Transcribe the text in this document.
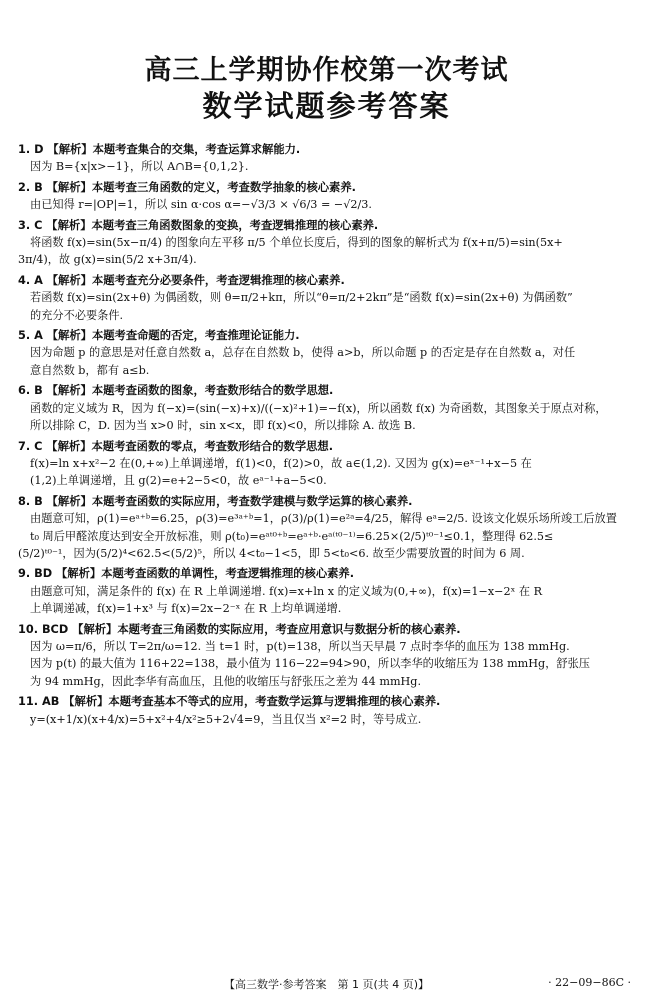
高三上学期协作校第一次考试
数学试题参考答案
1. D 【解析】本题考查集合的交集，考查运算求解能力.
因为 B={x|x>−1}，所以 A∩B={0,1,2}.
2. B 【解析】本题考查三角函数的定义，考查数学抽象的核心素养.
由已知得 r=|OP|=1，所以 sin α·cos α=−√3/3 × √6/3 = −√2/3.
3. C 【解析】本题考查三角函数图象的变换，考查逻辑推理的核心素养.
将函数 f(x)=sin(5x−π/4) 的图象向左平移 π/5 个单位长度后，得到的图象的解析式为 f(x+π/5)=sin(5x+
3π/4)，故 g(x)=sin(5/2 x+3π/4).
4. A 【解析】本题考查充分必要条件，考查逻辑推理的核心素养.
若函数 f(x)=sin(2x+θ) 为偶函数，则 θ=π/2+kπ，所以“θ=π/2+2kπ”是“函数 f(x)=sin(2x+θ) 为偶函数”
的充分不必要条件.
5. A 【解析】本题考查命题的否定，考查推理论证能力.
因为命题 p 的意思是对任意自然数 a，总存在自然数 b，使得 a>b，所以命题 p 的否定是存在自然数 a，对任
意自然数 b，都有 a≤b.
6. B 【解析】本题考查函数的图象，考查数形结合的数学思想.
函数的定义域为 R，因为 f(−x)=(sin(−x)+x)/((−x)²+1)=−f(x)，所以函数 f(x) 为奇函数，其图象关于原点对称，
所以排除 C，D. 因为当 x>0 时，sin x<x，即 f(x)<0，所以排除 A. 故选 B.
7. C 【解析】本题考查函数的零点，考查数形结合的数学思想.
f(x)=ln x+x²−2 在(0,+∞)上单调递增，f(1)<0，f(2)>0，故 a∈(1,2). 又因为 g(x)=eˣ⁻¹+x−5 在
(1,2)上单调递增，且 g(2)=e+2−5<0，故 eᵃ⁻¹+a−5<0.
8. B 【解析】本题考查函数的实际应用，考查数学建模与数学运算的核心素养.
由题意可知，ρ(1)=eᵃ⁺ᵇ=6.25，ρ(3)=e³ᵃ⁺ᵇ=1，ρ(3)/ρ(1)=e²ᵃ=4/25，解得 eᵃ=2/5. 设该文化娱乐场所竣工后放置
t₀ 周后甲醛浓度达到安全开放标准，则 ρ(t₀)=eᵃᵗ⁰⁺ᵇ=eᵃ⁺ᵇ·eᵃ⁽ᵗ⁰⁻¹⁾=6.25×(2/5)ᵗ⁰⁻¹≤0.1，整理得 62.5≤
(5/2)ᵗ⁰⁻¹，因为(5/2)⁴<62.5<(5/2)⁵，所以 4<t₀−1<5，即 5<t₀<6. 故至少需要放置的时间为 6 周.
9. BD 【解析】本题考查函数的单调性，考查逻辑推理的核心素养.
由题意可知，满足条件的 f(x) 在 R 上单调递增. f(x)=x+ln x 的定义域为(0,+∞)，f(x)=1−x−2ˣ 在 R
上单调递减，f(x)=1+x³ 与 f(x)=2x−2⁻ˣ 在 R 上均单调递增.
10. BCD 【解析】本题考查三角函数的实际应用，考查应用意识与数据分析的核心素养.
因为 ω=π/6，所以 T=2π/ω=12. 当 t=1 时，p(t)=138，所以当天早晨 7 点时李华的血压为 138 mmHg.
因为 p(t) 的最大值为 116+22=138，最小值为 116−22=94>90，所以李华的收缩压为 138 mmHg，舒张压
为 94 mmHg，因此李华有高血压，且他的收缩压与舒张压之差为 44 mmHg.
11. AB 【解析】本题考查基本不等式的应用，考查数学运算与逻辑推理的核心素养.
y=(x+1/x)(x+4/x)=5+x²+4/x²≥5+2√4=9，当且仅当 x²=2 时，等号成立.
【高三数学·参考答案　第 1 页(共 4 页)】	· 22−09−86C ·
